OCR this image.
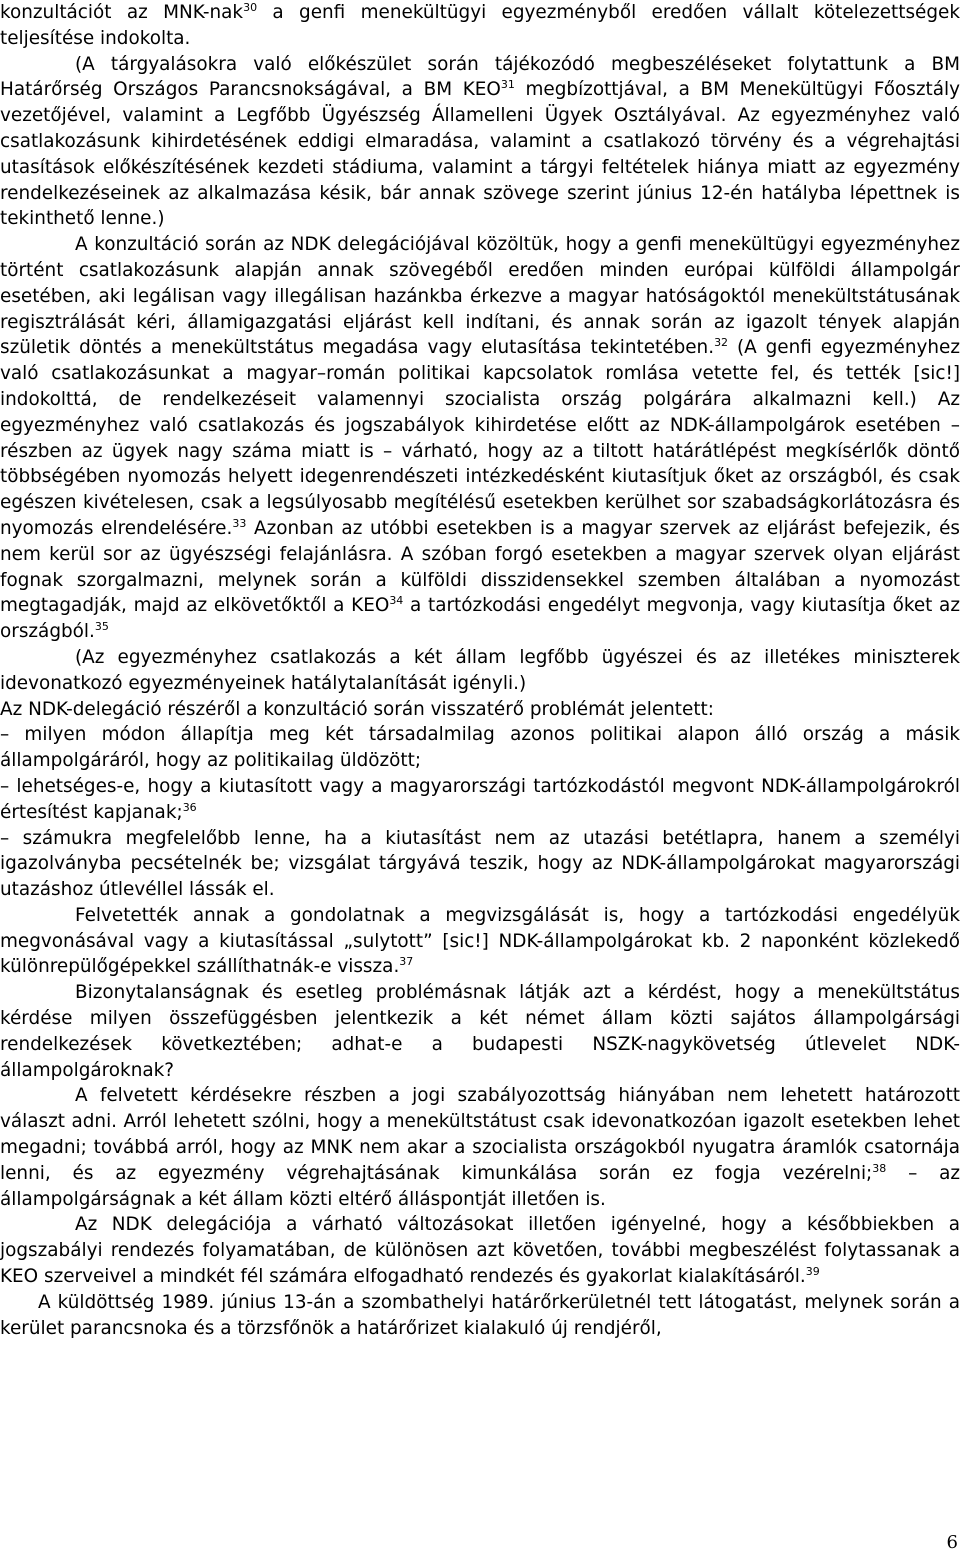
konzultációt az MNK-nak$^{30}$ a genfi menekültügyi egyezményből eredően vállalt kötelezettségek teljesítése indokolta.

(A tárgyalásokra való előkészület során tájékozódó megbeszéléseket folytattunk a BM Határőrség Országos Parancsnokságával, a BM KEO$^{31}$ megbízottjával, a BM Menekültügyi Főosztály vezetőjével, valamint a Legfőbb Ügyészség Államelleni Ügyek Osztályával. Az egyezményhez való csatlakozásunk kihirdetésének eddigi elmaradása, valamint a csatlakozó törvény és a végrehajtási utasítások előkészítésének kezdeti stádiuma, valamint a tárgyi feltételek hiánya miatt az egyezmény rendelkezéseinek az alkalmazása késik, bár annak szövege szerint június 12-én hatályba lépettnek is tekinthető lenne.)

A konzultáció során az NDK delegációjával közöltük, hogy a genfi menekültügyi egyezményhez történt csatlakozásunk alapján annak szövegéből eredően minden európai külföldi állampolgár esetében, aki legálisan vagy illegálisan hazánkba érkezve a magyar hatóságoktól menekültstátusának regisztrálását kéri, államigazgatási eljárást kell indítani, és annak során az igazolt tények alapján születik döntés a menekültstátus megadása vagy elutasítása tekintetében.$^{32}$ (A genfi egyezményhez való csatlakozásunkat a magyar–román politikai kapcsolatok romlása vetette fel, és tették [sic!] indokolttá, de rendelkezéseit valamennyi szocialista ország polgárára alkalmazni kell.) Az egyezményhez való csatlakozás és jogszabályok kihirdetése előtt az NDK-állampolgárok esetében – részben az ügyek nagy száma miatt is – várható, hogy az a tiltott határátlépést megkísérlők döntő többségében nyomozás helyett idegenrendészeti intézkedésként kiutasítjuk őket az országból, és csak egészen kivételesen, csak a legsúlyosabb megítélésű esetekben kerülhet sor szabadságkorlátozásra és nyomozás elrendelésére.$^{33}$ Azonban az utóbbi esetekben is a magyar szervek az eljárást befejezik, és nem kerül sor az ügyészségi felajánlásra. A szóban forgó esetekben a magyar szervek olyan eljárást fognak szorgalmazni, melynek során a külföldi disszidensekkel szemben általában a nyomozást megtagadják, majd az elkövetőktől a KEO$^{34}$ a tartózkodási engedélyt megvonja, vagy kiutasítja őket az országból.$^{35}$

(Az egyezményhez csatlakozás a két állam legfőbb ügyészei és az illetékes miniszterek idevonatkozó egyezményeinek hatálytalanítását igényli.)

Az NDK-delegáció részéről a konzultáció során visszatérő problémát jelentett:

– milyen módon állapítja meg két társadalmilag azonos politikai alapon álló ország a másik állampolgáráról, hogy az politikailag üldözött;

– lehetséges-e, hogy a kiutasított vagy a magyarországi tartózkodástól megvont NDK-állampolgárokról értesítést kapjanak;$^{36}$

– számukra megfelelőbb lenne, ha a kiutasítást nem az utazási betétlapra, hanem a személyi igazolványba pecsételnék be; vizsgálat tárgyává teszik, hogy az NDK-állampolgárokat magyarországi utazáshoz útlevéllel lássák el.

Felvetették annak a gondolatnak a megvizsgálását is, hogy a tartózkodási engedélyük megvonásával vagy a kiutasítással „sulytott” [sic!] NDK-állampolgárokat kb. 2 naponként közlekedő különrepülőgépekkel szállíthatnák-e vissza.$^{37}$

Bizonytalanságnak és esetleg problémásnak látják azt a kérdést, hogy a menekültstátus kérdése milyen összefüggésben jelentkezik a két német állam közti sajátos állampolgársági rendelkezések következtében; adhat-e a budapesti NSZK-nagykövetség útlevelet NDK-állampolgároknak?

A felvetett kérdésekre részben a jogi szabályozottság hiányában nem lehetett határozott választ adni. Arról lehetett szólni, hogy a menekültstátust csak idevonatkozóan igazolt esetekben lehet megadni; továbbá arról, hogy az MNK nem akar a szocialista országokból nyugatra áramlók csatornája lenni, és az egyezmény végrehajtásának kimunkálása során ez fogja vezérelni;$^{38}$ – az állampolgárságnak a két állam közti eltérő álláspontját illetően is.

Az NDK delegációja a várható változásokat illetően igényelné, hogy a későbbiekben a jogszabályi rendezés folyamatában, de különösen azt követően, további megbeszélést folytassanak a KEO szerveivel a mindkét fél számára elfogadható rendezés és gyakorlat kialakításáról.$^{39}$

A küldöttség 1989. június 13-án a szombathelyi határőrkerületnél tett látogatást, melynek során a kerület parancsnoka és a törzsfőnök a határőrizet kialakuló új rendjéről,

6
